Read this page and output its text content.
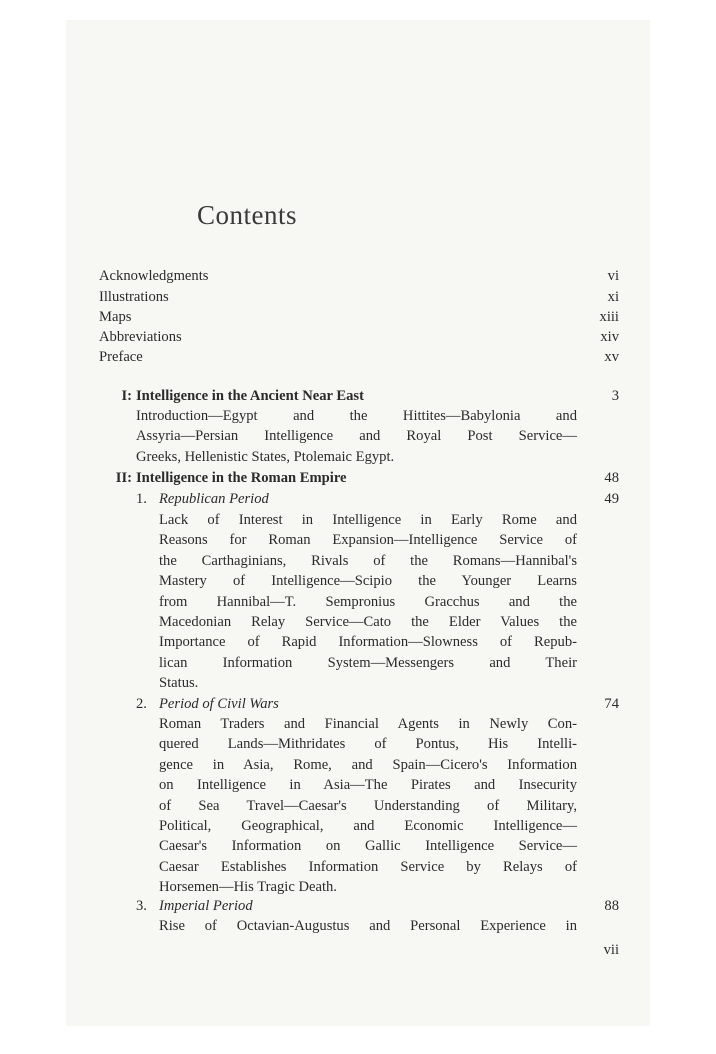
Contents
Acknowledgments	vi
Illustrations	xi
Maps	xiii
Abbreviations	xiv
Preface	xv
I: Intelligence in the Ancient Near East	3
Introduction—Egypt and the Hittites—Babylonia and
Assyria—Persian Intelligence and Royal Post Service—
Greeks, Hellenistic States, Ptolemaic Egypt.
II: Intelligence in the Roman Empire	48
1. Republican Period	49
Lack of Interest in Intelligence in Early Rome and
Reasons for Roman Expansion—Intelligence Service of
the Carthaginians, Rivals of the Romans—Hannibal's
Mastery of Intelligence—Scipio the Younger Learns
from Hannibal—T. Sempronius Gracchus and the
Macedonian Relay Service—Cato the Elder Values the
Importance of Rapid Information—Slowness of Repub-
lican Information System—Messengers and Their
Status.
2. Period of Civil Wars	74
Roman Traders and Financial Agents in Newly Con-
quered Lands—Mithridates of Pontus, His Intelli-
gence in Asia, Rome, and Spain—Cicero's Information
on Intelligence in Asia—The Pirates and Insecurity
of Sea Travel—Caesar's Understanding of Military,
Political, Geographical, and Economic Intelligence—
Caesar's Information on Gallic Intelligence Service—
Caesar Establishes Information Service by Relays of
Horsemen—His Tragic Death.
3. Imperial Period	88
Rise of Octavian-Augustus and Personal Experience in
vii
